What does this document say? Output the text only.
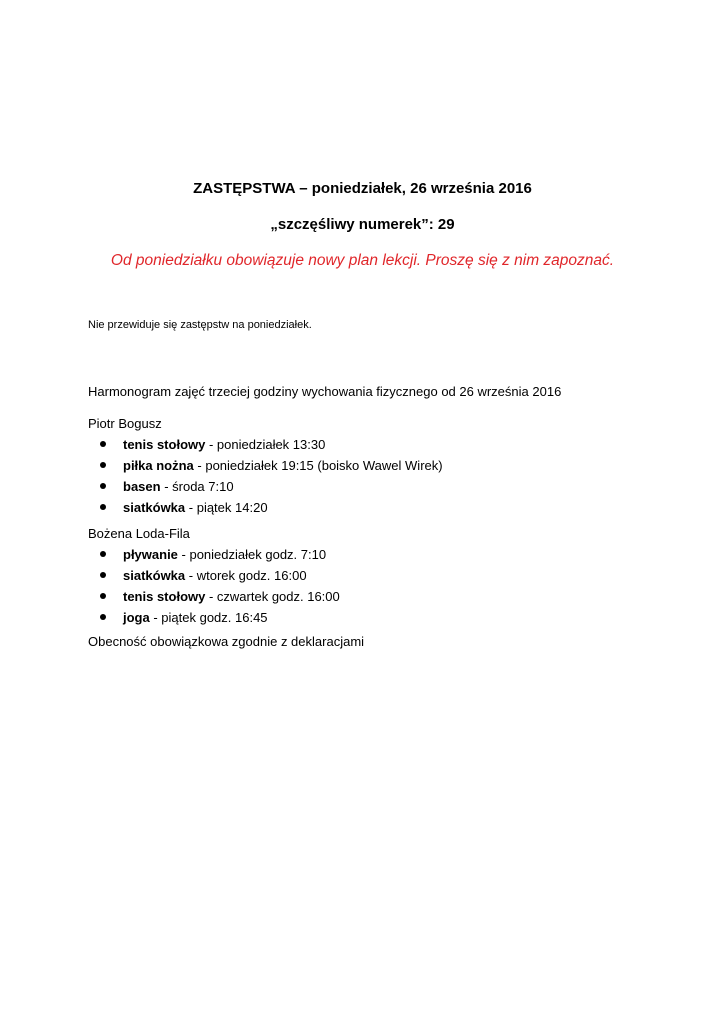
ZASTĘPSTWA – poniedziałek, 26 września 2016
„szczęśliwy numerek”: 29
Od poniedziałku obowiązuje nowy plan lekcji. Proszę się z nim zapoznać.
Nie przewiduje się zastępstw na poniedziałek.
Harmonogram zajęć trzeciej godziny wychowania fizycznego od 26 września 2016
Piotr Bogusz
tenis stołowy - poniedziałek 13:30
piłka nożna - poniedziałek 19:15 (boisko Wawel Wirek)
basen - środa 7:10
siatkówka - piątek 14:20
Bożena Loda-Fila
pływanie - poniedziałek godz. 7:10
siatkówka - wtorek godz. 16:00
tenis stołowy - czwartek godz. 16:00
joga - piątek godz. 16:45
Obecność obowiązkowa zgodnie z deklaracjami
